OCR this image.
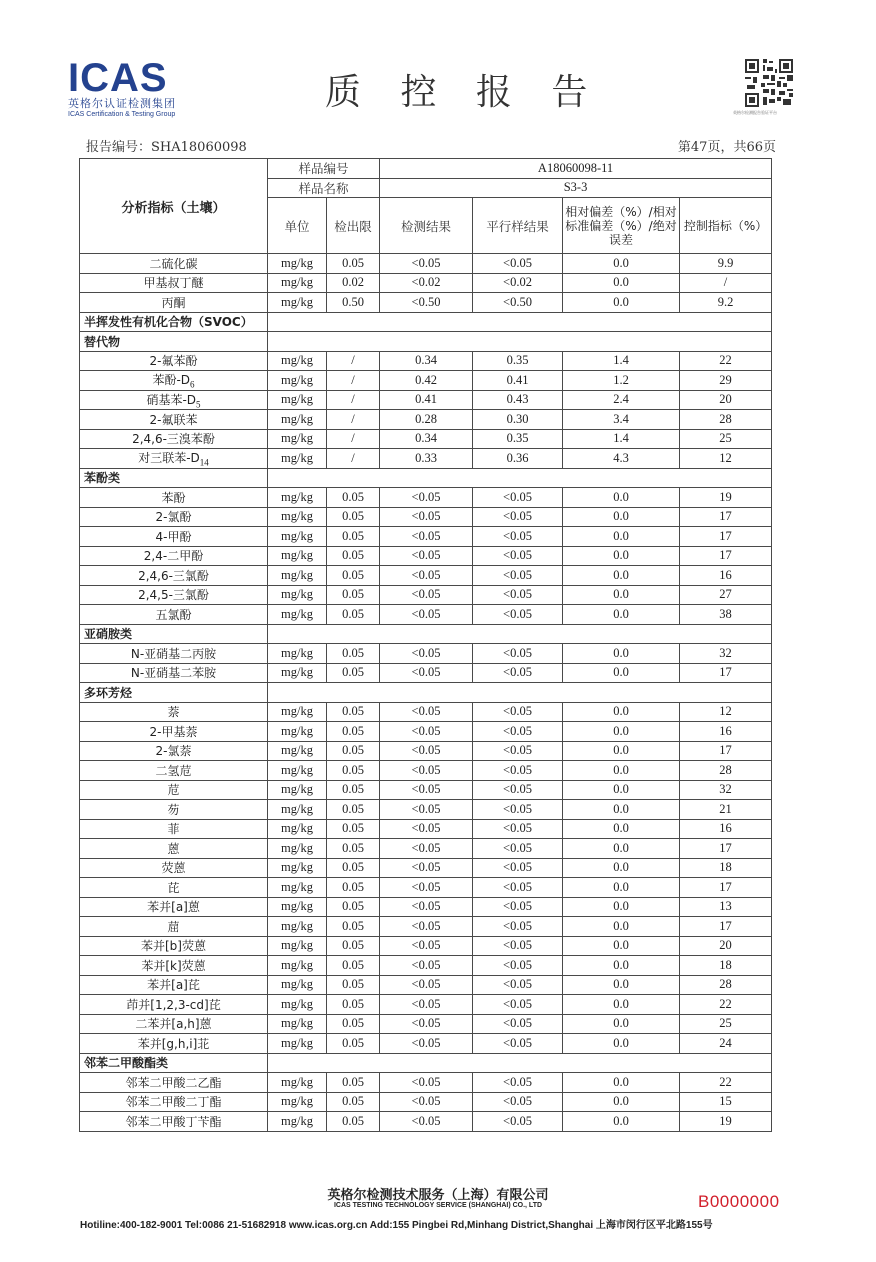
ICAS
英格尔认证检测集团
ICAS Certification & Testing Group
质 控 报 告	英格尔检测报告验证平台
报告编号：SHA18060098	第47页，共66页
分析指标（土壤）	样品编号		A18060098-11			
	样品名称		S3-3			
	单位	检出限	检测结果	平行样结果	相对偏差（%）/相对标准偏差（%）/绝对误差	控制指标（%）
二硫化碳	mg/kg	0.05	<0.05	<0.05	0.0	9.9
甲基叔丁醚	mg/kg	0.02	<0.02	<0.02	0.0	/
丙酮	mg/kg	0.50	<0.50	<0.50	0.0	9.2
半挥发性有机化合物（SVOC）						
替代物						
2-氟苯酚	mg/kg	/	0.34	0.35	1.4	22
苯酚$-D_6$	mg/kg	/	0.42	0.41	1.2	29
硝基苯$-D_5$	mg/kg	/	0.41	0.43	2.4	20
2-氟联苯	mg/kg	/	0.28	0.30	3.4	28
2,4,6-三溴苯酚	mg/kg	/	0.34	0.35	1.4	25
对三联苯$-D_{14}$	mg/kg	/	0.33	0.36	4.3	12
苯酚类						
苯酚	mg/kg	0.05	<0.05	<0.05	0.0	19
2-氯酚	mg/kg	0.05	<0.05	<0.05	0.0	17
4-甲酚	mg/kg	0.05	<0.05	<0.05	0.0	17
2,4-二甲酚	mg/kg	0.05	<0.05	<0.05	0.0	17
2,4,6-三氯酚	mg/kg	0.05	<0.05	<0.05	0.0	16
2,4,5-三氯酚	mg/kg	0.05	<0.05	<0.05	0.0	27
五氯酚	mg/kg	0.05	<0.05	<0.05	0.0	38
亚硝胺类						
N-亚硝基二丙胺	mg/kg	0.05	<0.05	<0.05	0.0	32
N-亚硝基二苯胺	mg/kg	0.05	<0.05	<0.05	0.0	17
多环芳烃						
萘	mg/kg	0.05	<0.05	<0.05	0.0	12
2-甲基萘	mg/kg	0.05	<0.05	<0.05	0.0	16
2-氯萘	mg/kg	0.05	<0.05	<0.05	0.0	17
二氢苊	mg/kg	0.05	<0.05	<0.05	0.0	28
苊	mg/kg	0.05	<0.05	<0.05	0.0	32
芴	mg/kg	0.05	<0.05	<0.05	0.0	21
菲	mg/kg	0.05	<0.05	<0.05	0.0	16
蒽	mg/kg	0.05	<0.05	<0.05	0.0	17
荧蒽	mg/kg	0.05	<0.05	<0.05	0.0	18
芘	mg/kg	0.05	<0.05	<0.05	0.0	17
苯并[a]蒽	mg/kg	0.05	<0.05	<0.05	0.0	13
䓛	mg/kg	0.05	<0.05	<0.05	0.0	17
苯并[b]荧蒽	mg/kg	0.05	<0.05	<0.05	0.0	20
苯并[k]荧蒽	mg/kg	0.05	<0.05	<0.05	0.0	18
苯并[a]芘	mg/kg	0.05	<0.05	<0.05	0.0	28
茚并[1,2,3-cd]芘	mg/kg	0.05	<0.05	<0.05	0.0	22
二苯并[a,h]蒽	mg/kg	0.05	<0.05	<0.05	0.0	25
苯并[g,h,i]苝	mg/kg	0.05	<0.05	<0.05	0.0	24
邻苯二甲酸酯类						
邻苯二甲酸二乙酯	mg/kg	0.05	<0.05	<0.05	0.0	22
邻苯二甲酸二丁酯	mg/kg	0.05	<0.05	<0.05	0.0	15
邻苯二甲酸丁苄酯	mg/kg	0.05	<0.05	<0.05	0.0	19
英格尔检测技术服务（上海）有限公司
ICAS TESTING TECHNOLOGY SERVICE (SHANGHAI) CO., LTD	B0000000
Hotiline:400-182-9001 Tel:0086 21-51682918 www.icas.org.cn Add:155 Pingbei Rd,Minhang District,Shanghai 上海市闵行区平北路155号
